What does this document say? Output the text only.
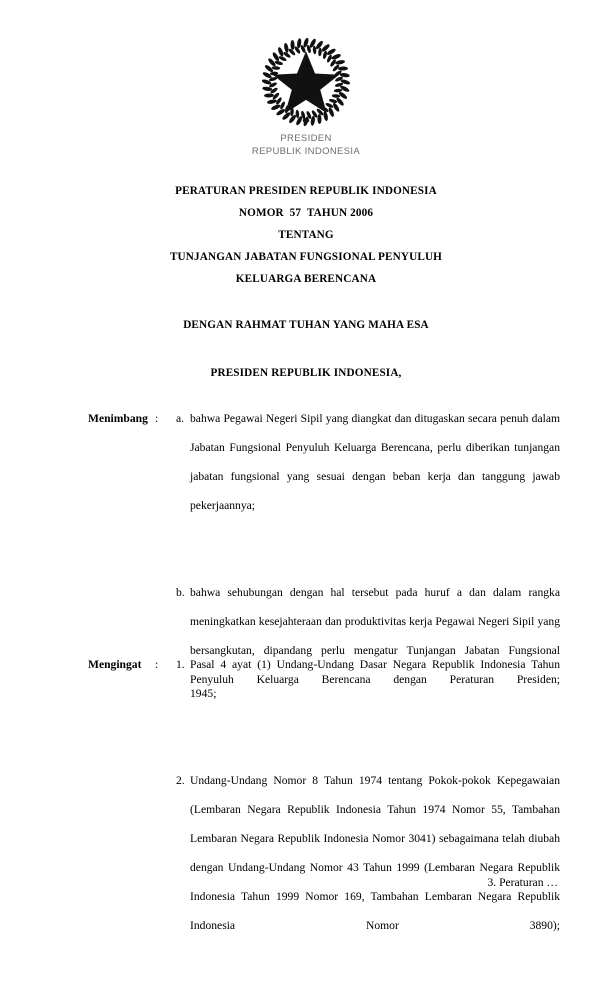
PRESIDEN
REPUBLIK INDONESIA
PERATURAN PRESIDEN REPUBLIK INDONESIA
NOMOR  57  TAHUN 2006
TENTANG
TUNJANGAN JABATAN FUNGSIONAL PENYULUH
KELUARGA BERENCANA
DENGAN RAHMAT TUHAN YANG MAHA ESA
PRESIDEN REPUBLIK INDONESIA,
Menimbang : a. bahwa Pegawai Negeri Sipil yang diangkat dan ditugaskan secara penuh dalam Jabatan Fungsional Penyuluh Keluarga Berencana, perlu diberikan tunjangan jabatan fungsional yang sesuai dengan beban kerja dan tanggung jawab pekerjaannya;
b. bahwa sehubungan dengan hal tersebut pada huruf a dan dalam rangka meningkatkan kesejahteraan dan produktivitas kerja Pegawai Negeri Sipil yang bersangkutan, dipandang perlu mengatur Tunjangan Jabatan Fungsional Penyuluh Keluarga Berencana dengan Peraturan Presiden;
Mengingat : 1. Pasal 4 ayat (1) Undang-Undang Dasar Negara Republik Indonesia Tahun 1945;
2. Undang-Undang Nomor 8 Tahun 1974 tentang Pokok-pokok Kepegawaian (Lembaran Negara Republik Indonesia Tahun 1974 Nomor 55, Tambahan Lembaran Negara Republik Indonesia Nomor 3041) sebagaimana telah diubah dengan Undang-Undang Nomor 43 Tahun 1999 (Lembaran Negara Republik Indonesia Tahun 1999 Nomor 169, Tambahan Lembaran Negara Republik Indonesia Nomor 3890);
3. Peraturan …
